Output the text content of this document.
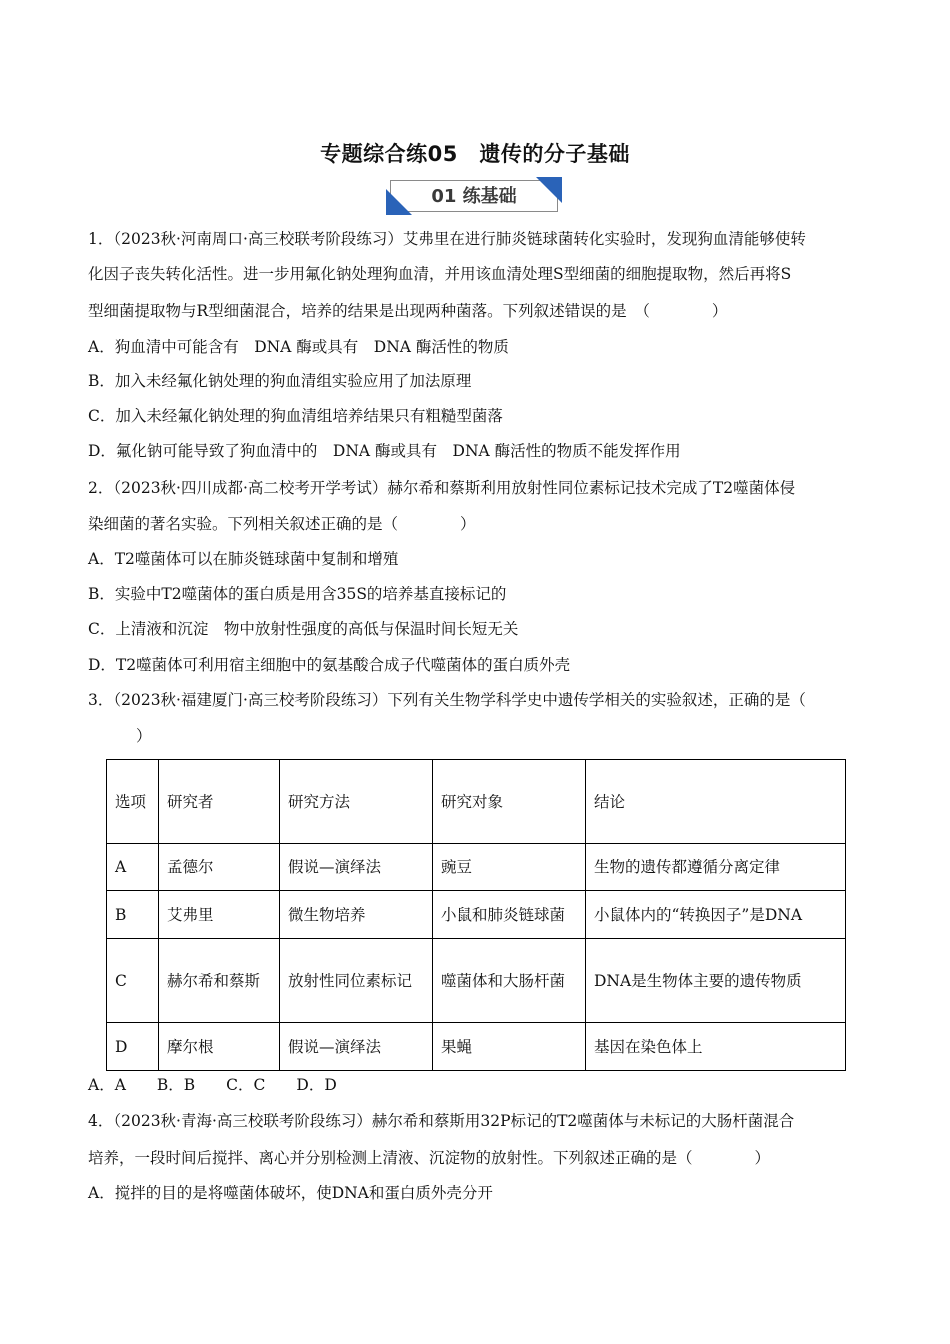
专题综合练05　遗传的分子基础
01 练基础
1．（2023秋·河南周口·高三校联考阶段练习）艾弗里在进行肺炎链球菌转化实验时，发现狗血清能够使转
化因子丧失转化活性。进一步用氟化钠处理狗血清，并用该血清处理S型细菌的细胞提取物，然后再将S
型细菌提取物与R型细菌混合，培养的结果是出现两种菌落。下列叙述错误的是　（　　　　）
A．狗血清中可能含有　DNA 酶或具有　DNA 酶活性的物质
B．加入未经氟化钠处理的狗血清组实验应用了加法原理
C．加入未经氟化钠处理的狗血清组培养结果只有粗糙型菌落
D．氟化钠可能导致了狗血清中的　DNA 酶或具有　DNA 酶活性的物质不能发挥作用
2．（2023秋·四川成都·高二校考开学考试）赫尔希和蔡斯利用放射性同位素标记技术完成了T2噬菌体侵
染细菌的著名实验。下列相关叙述正确的是（　　　　）
A．T2噬菌体可以在肺炎链球菌中复制和增殖
B．实验中T2噬菌体的蛋白质是用含35S的培养基直接标记的
C．上清液和沉淀　物中放射性强度的高低与保温时间长短无关
D．T2噬菌体可利用宿主细胞中的氨基酸合成子代噬菌体的蛋白质外壳
3．（2023秋·福建厦门·高三校考阶段练习）下列有关生物学科学史中遗传学相关的实验叙述，正确的是（
）
选项	研究者	研究方法	研究对象	结论
A	孟德尔	假说—演绎法	豌豆	生物的遗传都遵循分离定律
B	艾弗里	微生物培养	小鼠和肺炎链球菌	小鼠体内的“转换因子”是DNA
C	赫尔希和蔡斯	放射性同位素标记	噬菌体和大肠杆菌	DNA是生物体主要的遗传物质
D	摩尔根	假说—演绎法	果蝇	基因在染色体上
A．A　　B．B　　C．C　　D．D
4．（2023秋·青海·高三校联考阶段练习）赫尔希和蔡斯用32P标记的T2噬菌体与未标记的大肠杆菌混合
培养，一段时间后搅拌、离心并分别检测上清液、沉淀物的放射性。下列叙述正确的是（　　　　）
A．搅拌的目的是将噬菌体破坏，使DNA和蛋白质外壳分开
